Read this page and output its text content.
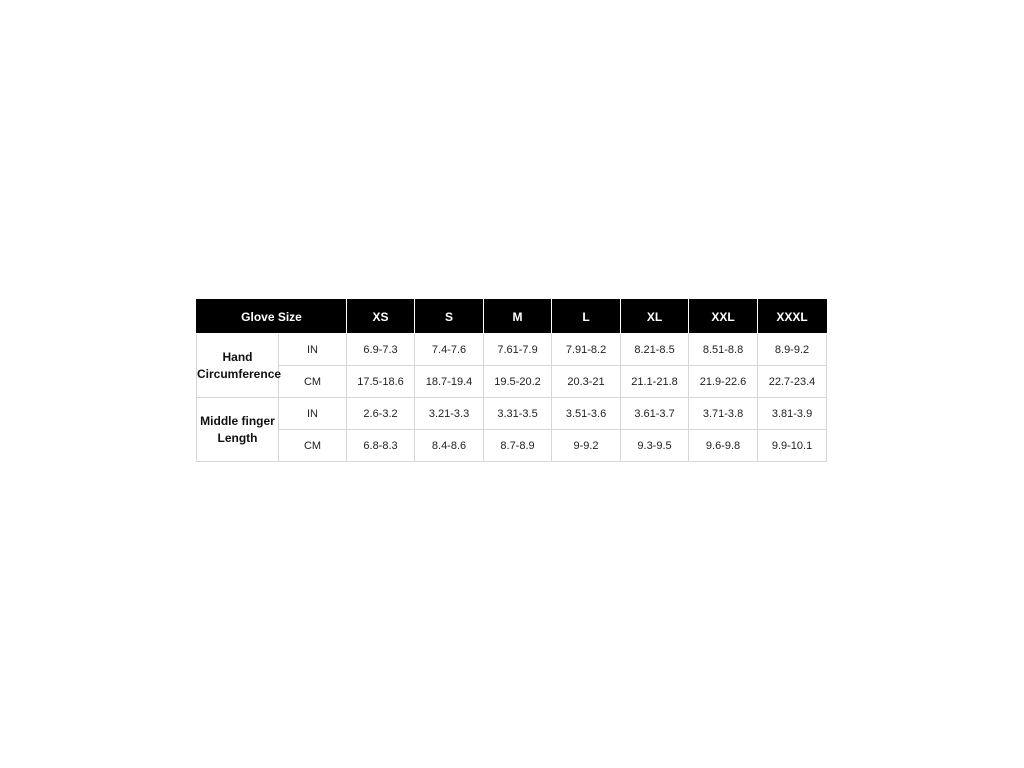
Glove Size		XS	S	M	L	XL	XXL	XXXL

Hand
Circumference	IN	6.9-7.3	7.4-7.6	7.61-7.9	7.91-8.2	8.21-8.5	8.51-8.8	8.9-9.2
	CM	17.5-18.6	18.7-19.4	19.5-20.2	20.3-21	21.1-21.8	21.9-22.6	22.7-23.4

Middle finger
Length	IN	2.6-3.2	3.21-3.3	3.31-3.5	3.51-3.6	3.61-3.7	3.71-3.8	3.81-3.9
	CM	6.8-8.3	8.4-8.6	8.7-8.9	9-9.2	9.3-9.5	9.6-9.8	9.9-10.1
